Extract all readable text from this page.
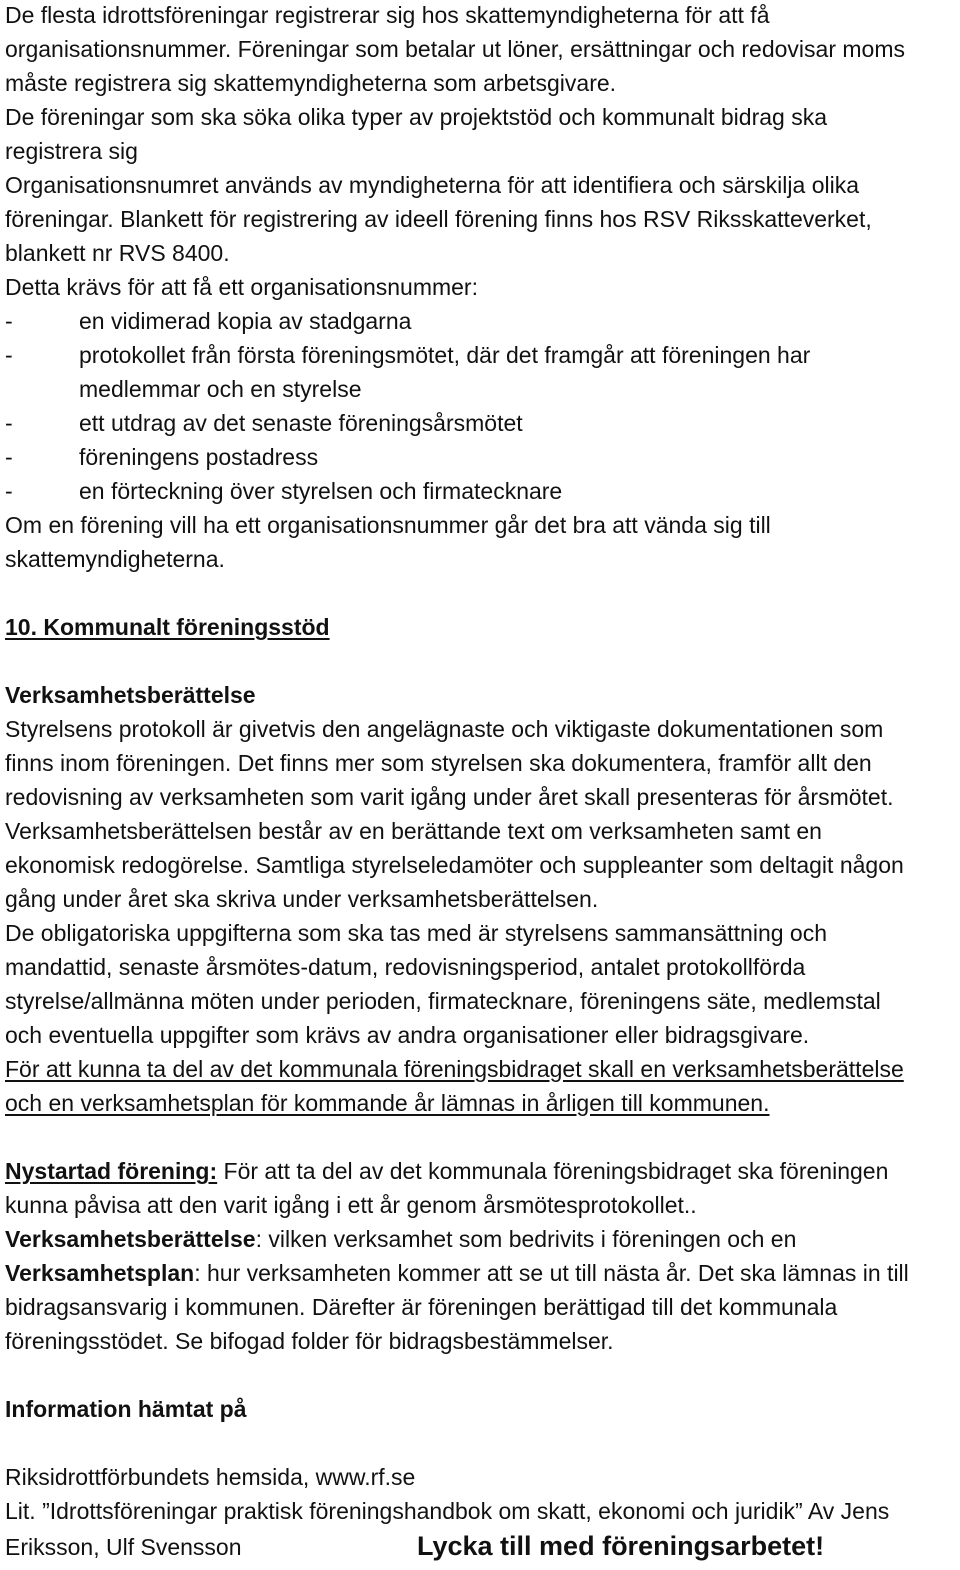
De flesta idrottsföreningar registrerar sig hos skattemyndigheterna för att få
organisationsnummer. Föreningar som betalar ut löner, ersättningar och redovisar moms
måste registrera sig skattemyndigheterna som arbetsgivare.
De föreningar som ska söka olika typer av projektstöd och kommunalt bidrag ska
registrera sig
Organisationsnumret används av myndigheterna för att identifiera och särskilja olika
föreningar. Blankett för registrering av ideell förening finns hos RSV Riksskatteverket,
blankett nr RVS 8400.
Detta krävs för att få ett organisationsnummer:
-	en vidimerad kopia av stadgarna
-	protokollet från första föreningsmötet, där det framgår att föreningen har
medlemmar och en styrelse
-	ett utdrag av det senaste föreningsårsmötet
-	föreningens postadress
-	en förteckning över styrelsen och firmatecknare
Om en förening vill ha ett organisationsnummer går det bra att vända sig till
skattemyndigheterna.
10. Kommunalt föreningsstöd
Verksamhetsberättelse
Styrelsens protokoll är givetvis den angelägnaste och viktigaste dokumentationen som
finns inom föreningen. Det finns mer som styrelsen ska dokumentera, framför allt den
redovisning av verksamheten som varit igång under året skall presenteras för årsmötet.
Verksamhetsberättelsen består av en berättande text om verksamheten samt en
ekonomisk redogörelse. Samtliga styrelseledamöter och suppleanter som deltagit någon
gång under året ska skriva under verksamhetsberättelsen.
De obligatoriska uppgifterna som ska tas med är styrelsens sammansättning och
mandattid, senaste årsmötes-datum, redovisningsperiod, antalet protokollförda
styrelse/allmänna möten under perioden, firmatecknare, föreningens säte, medlemstal
och eventuella uppgifter som krävs av andra organisationer eller bidragsgivare.
För att kunna ta del av det kommunala föreningsbidraget skall en verksamhetsberättelse
och en verksamhetsplan för kommande år lämnas in årligen till kommunen.
Nystartad förening: För att ta del av det kommunala föreningsbidraget ska föreningen
kunna påvisa att den varit igång i ett år genom årsmötesprotokollet..
Verksamhetsberättelse: vilken verksamhet som bedrivits i föreningen och en
Verksamhetsplan: hur verksamheten kommer att se ut till nästa år. Det ska lämnas in till
bidragsansvarig i kommunen. Därefter är föreningen berättigad till det kommunala
föreningsstödet. Se bifogad folder för bidragsbestämmelser.
Information hämtat på
Riksidrottförbundets hemsida, www.rf.se
Lit. ”Idrottsföreningar praktisk föreningshandbok om skatt, ekonomi och juridik” Av Jens
Eriksson, Ulf Svensson	Lycka till med föreningsarbetet!
